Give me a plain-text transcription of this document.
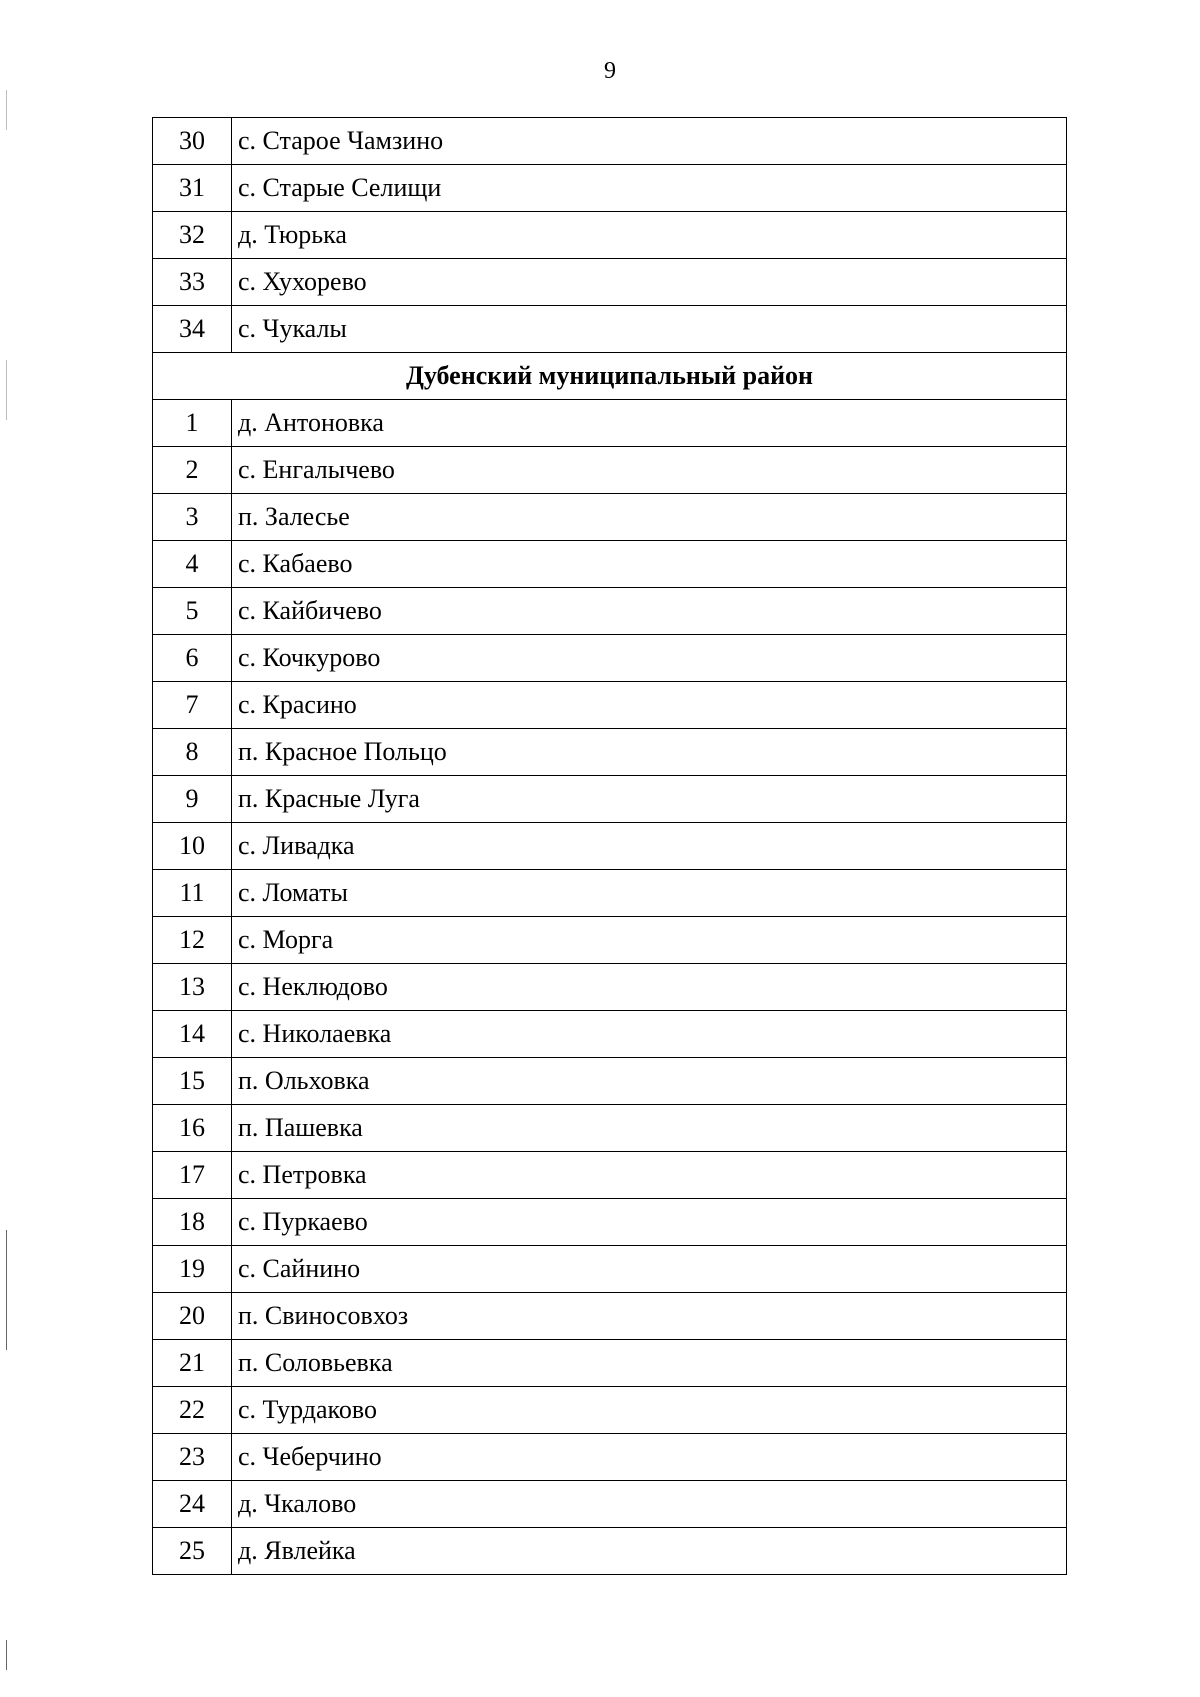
9
30	с. Старое Чамзино
31	с. Старые Селищи
32	д. Тюрька
33	с. Хухорево
34	с. Чукалы
Дубенский муниципальный район	
1	д. Антоновка
2	с. Енгалычево
3	п. Залесье
4	с. Кабаево
5	с. Кайбичево
6	с. Кочкурово
7	с. Красино
8	п. Красное Польцо
9	п. Красные Луга
10	с. Ливадка
11	с. Ломаты
12	с. Морга
13	с. Неклюдово
14	с. Николаевка
15	п. Ольховка
16	п. Пашевка
17	с. Петровка
18	с. Пуркаево
19	с. Сайнино
20	п. Свиносовхоз
21	п. Соловьевка
22	с. Турдаково
23	с. Чеберчино
24	д. Чкалово
25	д. Явлейка
